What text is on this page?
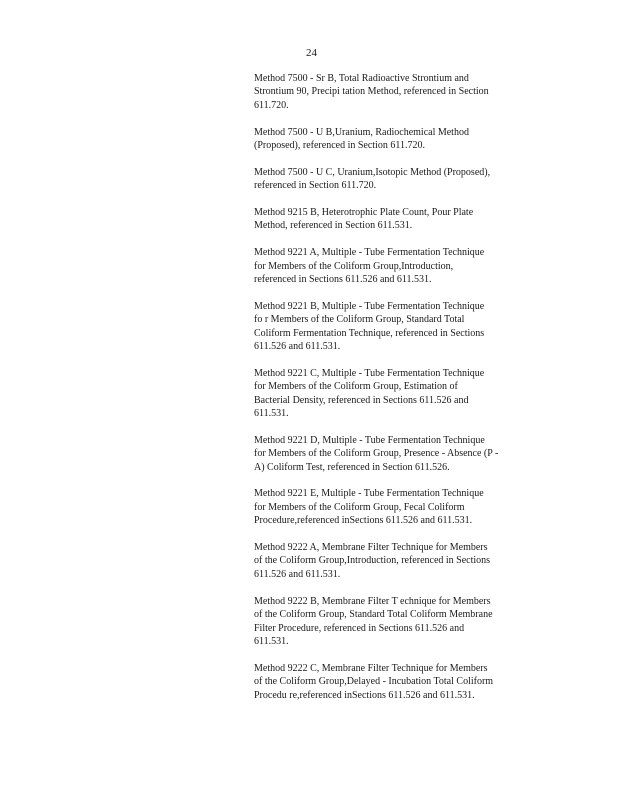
24
Method 7500 - Sr B, Total Radioactive Strontium and
Strontium 90, Precipi tation Method, referenced in Section
611.720.
Method 7500 - U B,Uranium, Radiochemical Method
(Proposed), referenced in Section 611.720.
Method 7500 - U C, Uranium,Isotopic Method (Proposed),
referenced in Section 611.720.
Method 9215 B, Heterotrophic Plate Count, Pour Plate
Method, referenced in Section 611.531.
Method 9221 A, Multiple - Tube Fermentation Technique
for Members of the Coliform Group,Introduction,
referenced in Sections 611.526 and 611.531.
Method 9221 B, Multiple - Tube Fermentation Technique
fo r Members of the Coliform Group, Standard Total
Coliform Fermentation Technique, referenced in Sections
611.526 and 611.531.
Method 9221 C, Multiple - Tube Fermentation Technique
for Members of the Coliform Group, Estimation of
Bacterial Density, referenced in Sections 611.526 and
611.531.
Method 9221 D, Multiple - Tube Fermentation Technique
for Members of the Coliform Group, Presence - Absence (P -
A) Coliform Test, referenced in Section 611.526.
Method 9221 E, Multiple - Tube Fermentation Technique
for Members of the Coliform Group, Fecal Coliform
Procedure,referenced inSections 611.526 and 611.531.
Method 9222 A, Membrane Filter Technique for Members
of the Coliform Group,Introduction, referenced in Sections
611.526 and 611.531.
Method 9222 B, Membrane Filter T echnique for Members
of the Coliform Group, Standard Total Coliform Membrane
Filter Procedure, referenced in Sections 611.526 and
611.531.
Method 9222 C, Membrane Filter Technique for Members
of the Coliform Group,Delayed - Incubation Total Coliform
Procedu re,referenced inSections 611.526 and 611.531.
